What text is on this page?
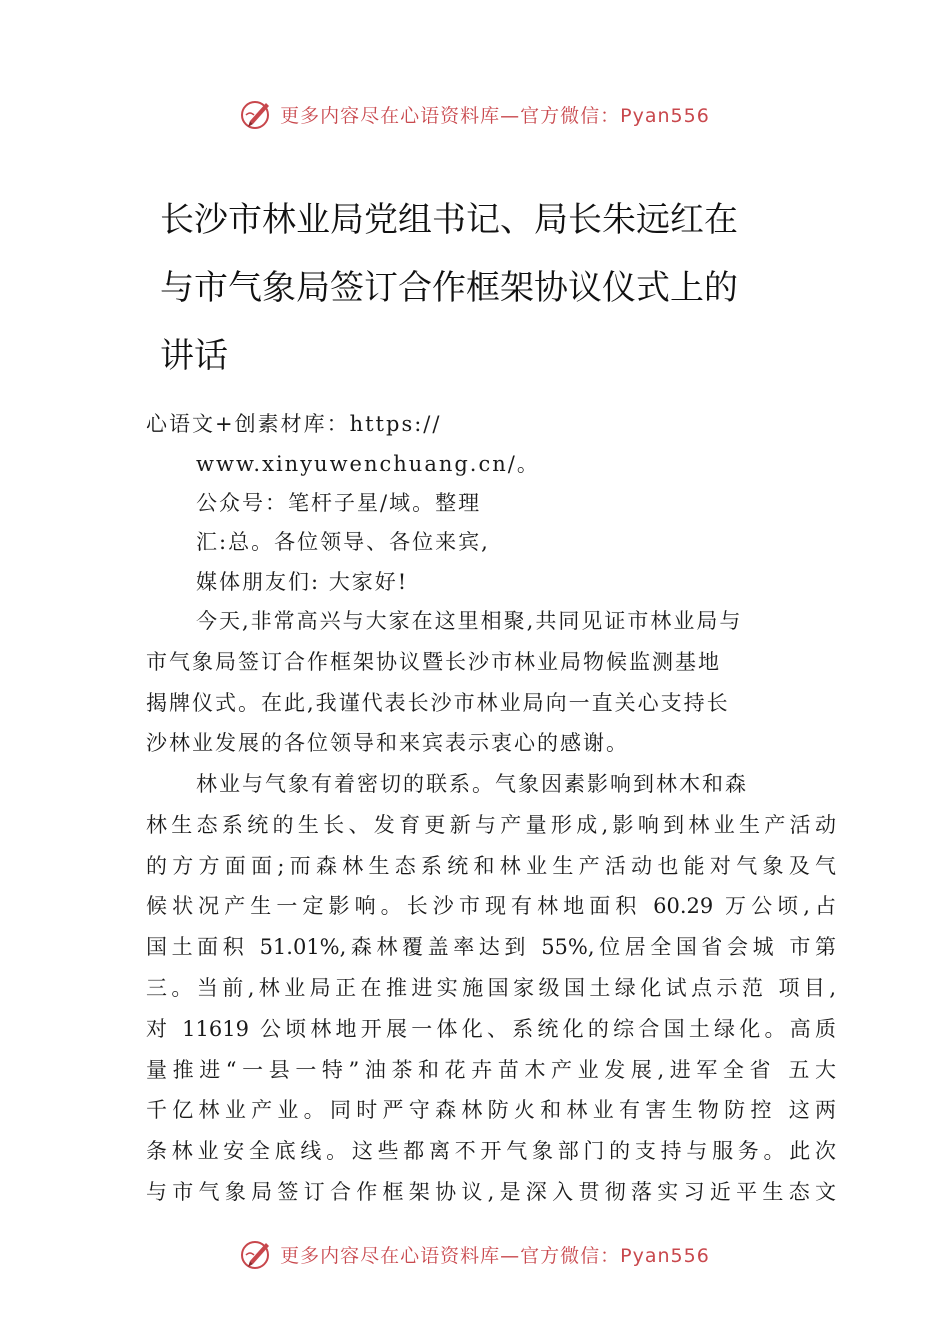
更多内容尽在心语资料库—官方微信：Pyan556
长沙市林业局党组书记、局长朱远红在
与市气象局签订合作框架协议仪式上的
讲话
心语文+创素材库：https://
www.xinyuwenchuang.cn/。
公众号：笔杆子星/域。整理
汇:总。各位领导、各位来宾,
媒体朋友们: 大家好!
今天,非常高兴与大家在这里相聚,共同见证市林业局与
市气象局签订合作框架协议暨长沙市林业局物候监测基地
揭牌仪式。在此,我谨代表长沙市林业局向一直关心支持长
沙林业发展的各位领导和来宾表示衷心的感谢。
林业与气象有着密切的联系。气象因素影响到林木和森
林生态系统的生长、发育更新与产量形成,影响到林业生产活动
的方方面面;而森林生态系统和林业生产活动也能对气象及气
候状况产生一定影响。长沙市现有林地面积 60.29 万公顷,占
国土面积 51.01%,森林覆盖率达到 55%,位居全国省会城 市第
三。当前,林业局正在推进实施国家级国土绿化试点示范 项目,
对 11619 公顷林地开展一体化、系统化的综合国土绿化。高质
量推进“一县一特”油茶和花卉苗木产业发展,进军全省 五大
千亿林业产业。同时严守森林防火和林业有害生物防控 这两
条林业安全底线。这些都离不开气象部门的支持与服务。此次
与市气象局签订合作框架协议,是深入贯彻落实习近平生态文
更多内容尽在心语资料库—官方微信：Pyan556
